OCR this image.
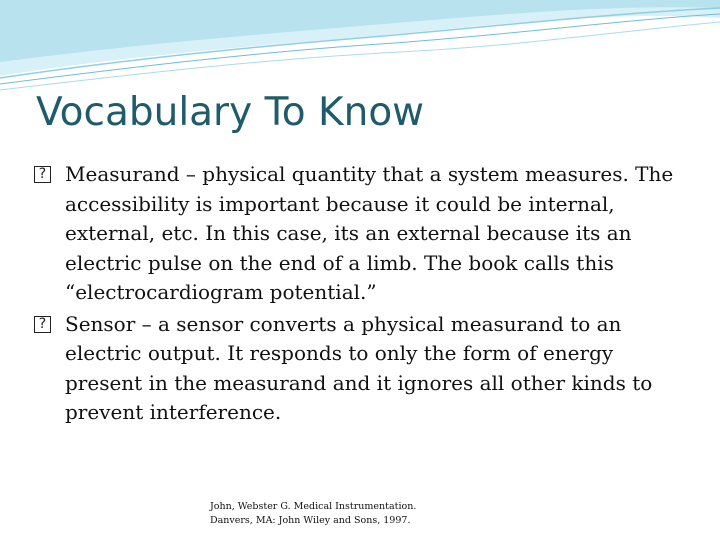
Vocabulary To Know

? Measurand – physical quantity that a system measures. The accessibility is important because it could be internal, external, etc. In this case, its an external because its an electric pulse on the end of a limb. The book calls this “electrocardiogram potential.”

? Sensor – a sensor converts a physical measurand to an electric output. It responds to only the form of energy present in the measurand and it ignores all other kinds to prevent interference.

John, Webster G. Medical Instrumentation.
Danvers, MA: John Wiley and Sons, 1997.
